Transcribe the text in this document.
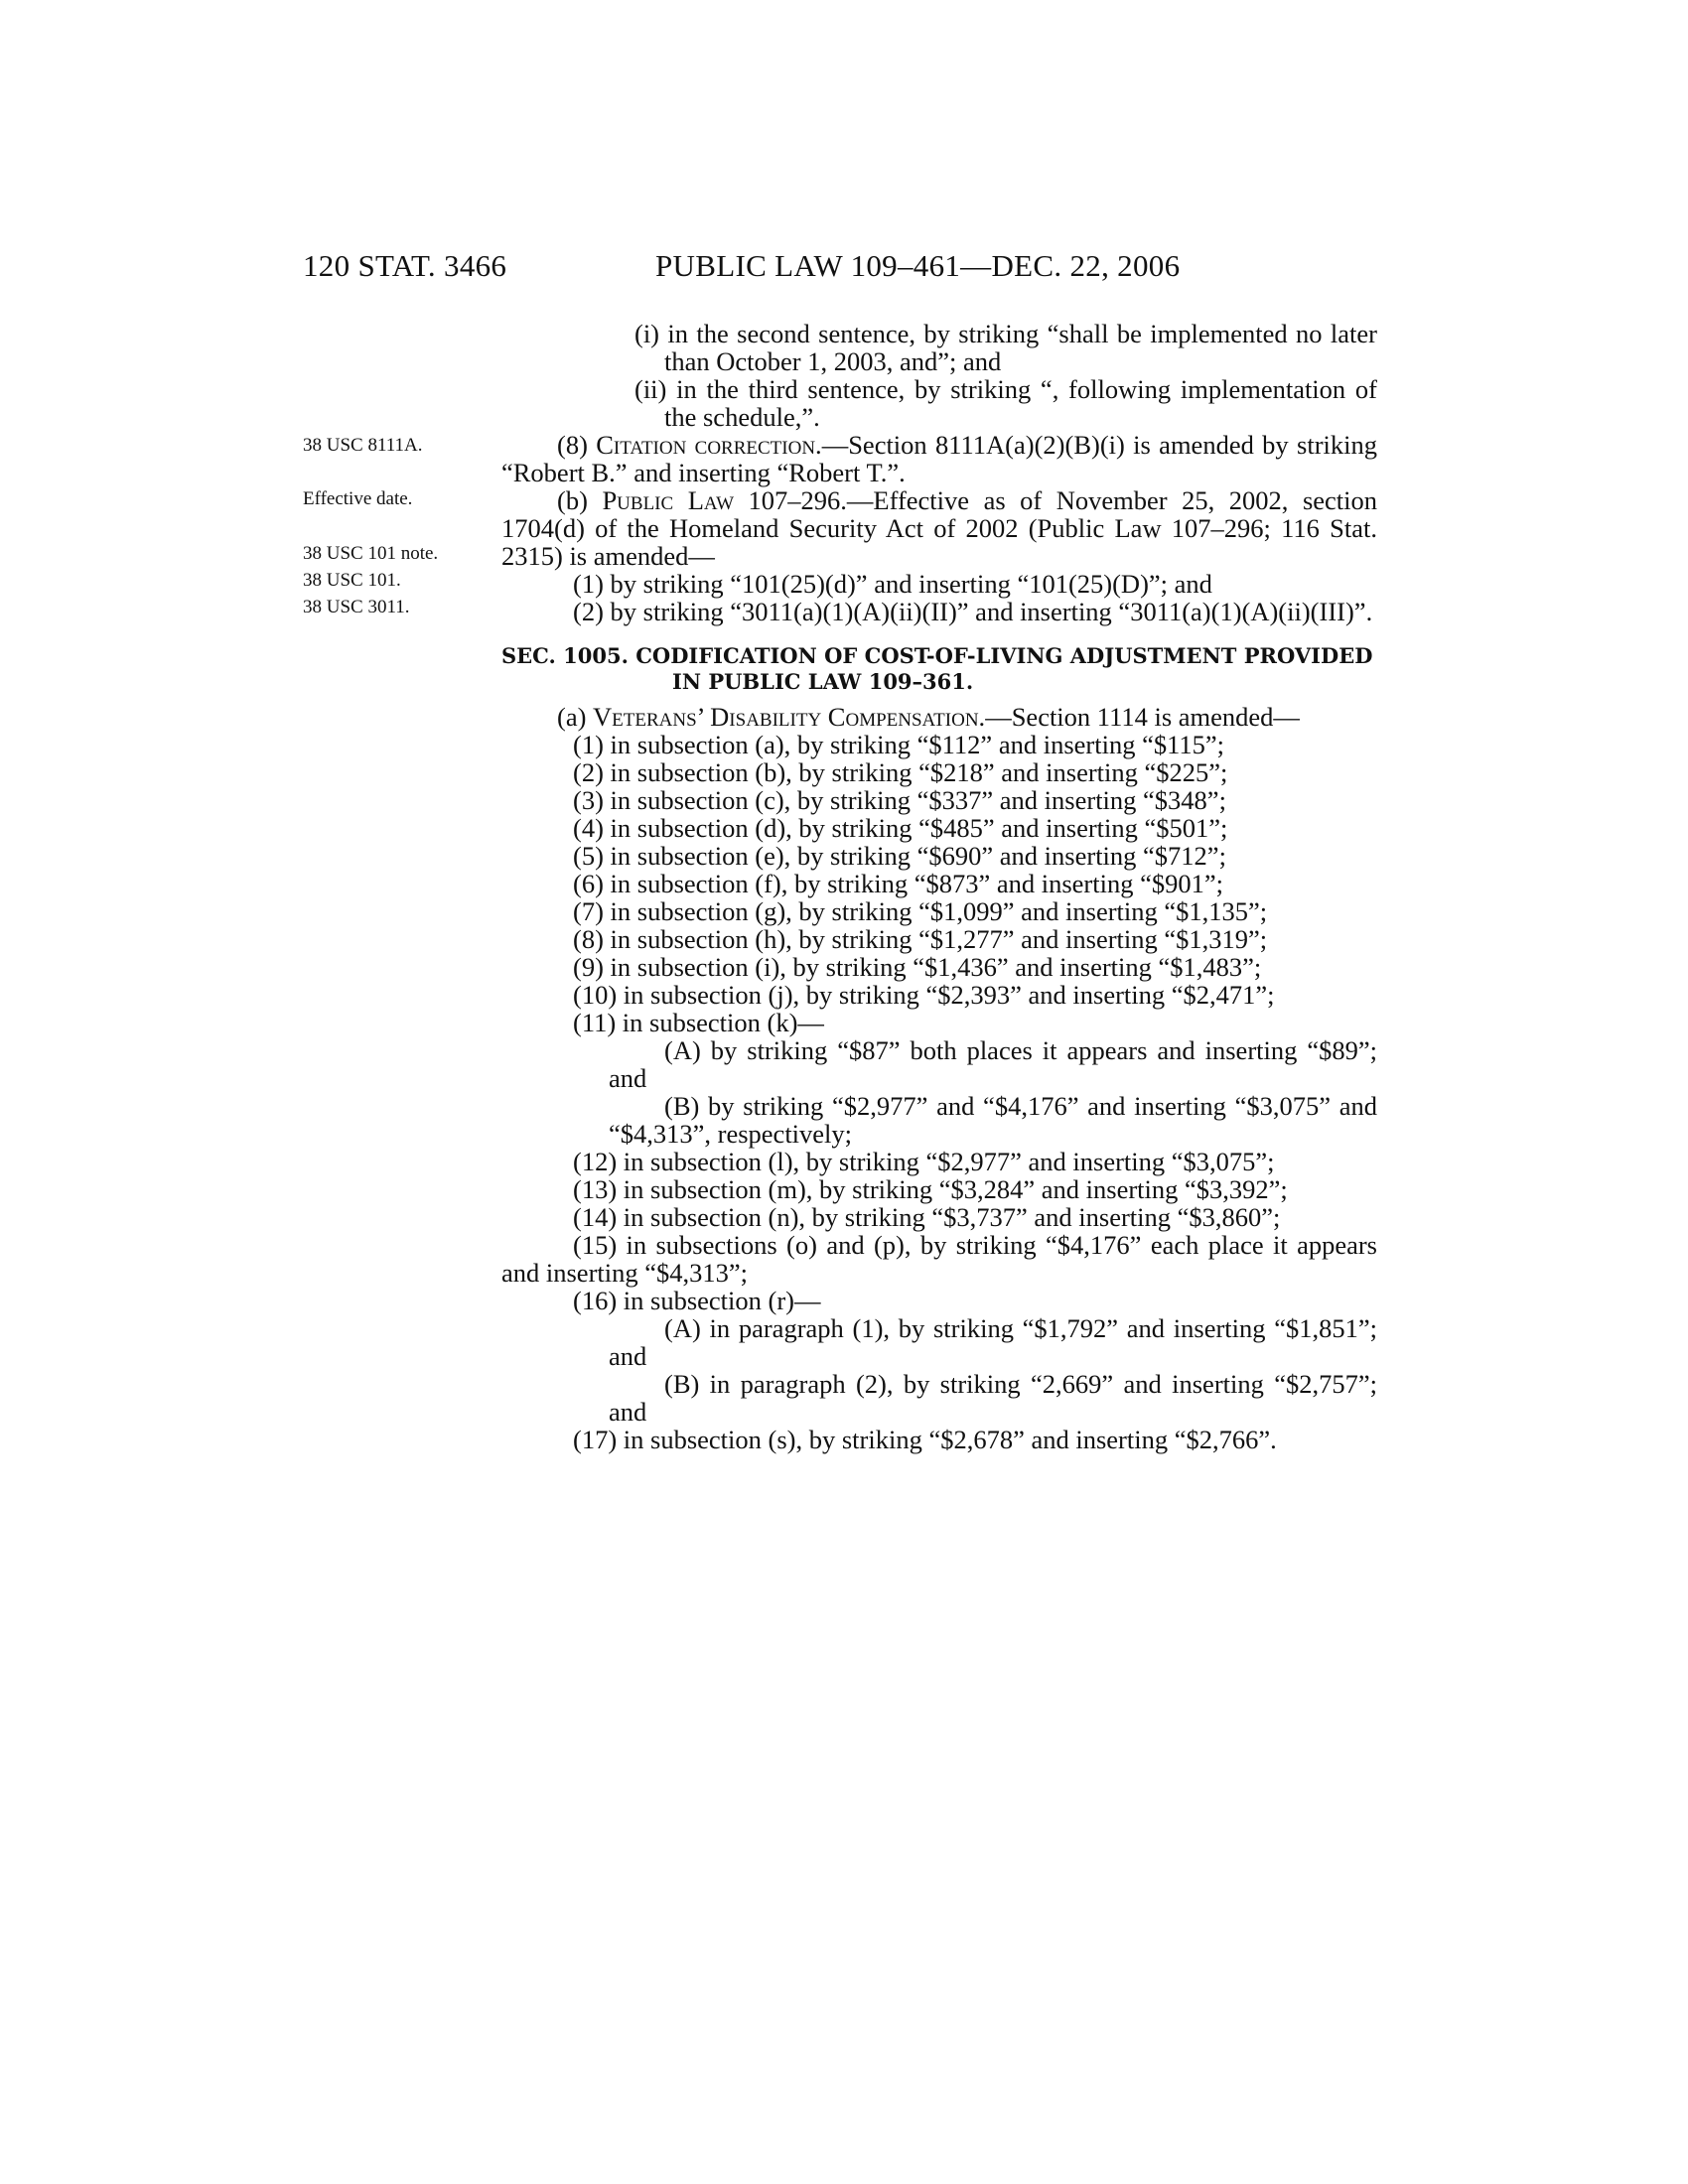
120 STAT. 3466	PUBLIC LAW 109–461—DEC. 22, 2006
38 USC 8111A.
Effective date.
38 USC 101 note.
38 USC 101.
38 USC 3011.
(i) in the second sentence, by striking “shall be implemented no later than October 1, 2003, and”; and
(ii) in the third sentence, by striking “, following implementation of the schedule,”.
(8) Citation correction.—Section 8111A(a)(2)(B)(i) is amended by striking “Robert B.” and inserting “Robert T.”.
(b) Public Law 107–296.—Effective as of November 25, 2002, section 1704(d) of the Homeland Security Act of 2002 (Public Law 107–296; 116 Stat. 2315) is amended—
(1) by striking “101(25)(d)” and inserting “101(25)(D)”; and
(2) by striking “3011(a)(1)(A)(ii)(II)” and inserting “3011(a)(1)(A)(ii)(III)”.
SEC. 1005. CODIFICATION OF COST-OF-LIVING ADJUSTMENT PROVIDED IN PUBLIC LAW 109–361.
(a) Veterans’ Disability Compensation.—Section 1114 is amended—
(1) in subsection (a), by striking “$112” and inserting “$115”;
(2) in subsection (b), by striking “$218” and inserting “$225”;
(3) in subsection (c), by striking “$337” and inserting “$348”;
(4) in subsection (d), by striking “$485” and inserting “$501”;
(5) in subsection (e), by striking “$690” and inserting “$712”;
(6) in subsection (f), by striking “$873” and inserting “$901”;
(7) in subsection (g), by striking “$1,099” and inserting “$1,135”;
(8) in subsection (h), by striking “$1,277” and inserting “$1,319”;
(9) in subsection (i), by striking “$1,436” and inserting “$1,483”;
(10) in subsection (j), by striking “$2,393” and inserting “$2,471”;
(11) in subsection (k)—
(A) by striking “$87” both places it appears and inserting “$89”; and
(B) by striking “$2,977” and “$4,176” and inserting “$3,075” and “$4,313”, respectively;
(12) in subsection (l), by striking “$2,977” and inserting “$3,075”;
(13) in subsection (m), by striking “$3,284” and inserting “$3,392”;
(14) in subsection (n), by striking “$3,737” and inserting “$3,860”;
(15) in subsections (o) and (p), by striking “$4,176” each place it appears and inserting “$4,313”;
(16) in subsection (r)—
(A) in paragraph (1), by striking “$1,792” and inserting “$1,851”; and
(B) in paragraph (2), by striking “2,669” and inserting “$2,757”; and
(17) in subsection (s), by striking “$2,678” and inserting “$2,766”.
